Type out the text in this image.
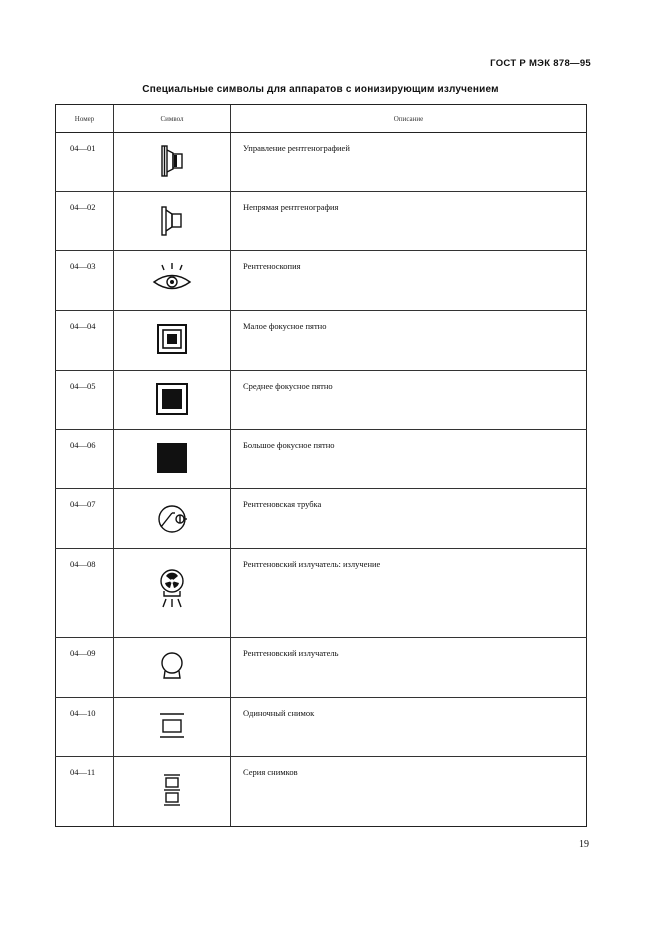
ГОСТ Р МЭК 878—95
Специальные символы для аппаратов с ионизирующим излучением
Номер	Символ	Описание
04—01		Управление рентгенографией
04—02		Непрямая рентгенография
04—03		Рентгеноскопия
04—04		Малое фокусное пятно
04—05		Среднее фокусное пятно
04—06		Большое фокусное пятно
04—07		Рентгеновская трубка
04—08		Рентгеновский излучатель: излучение
04—09		Рентгеновский излучатель
04—10		Одиночный снимок
04—11		Серия снимков
19
